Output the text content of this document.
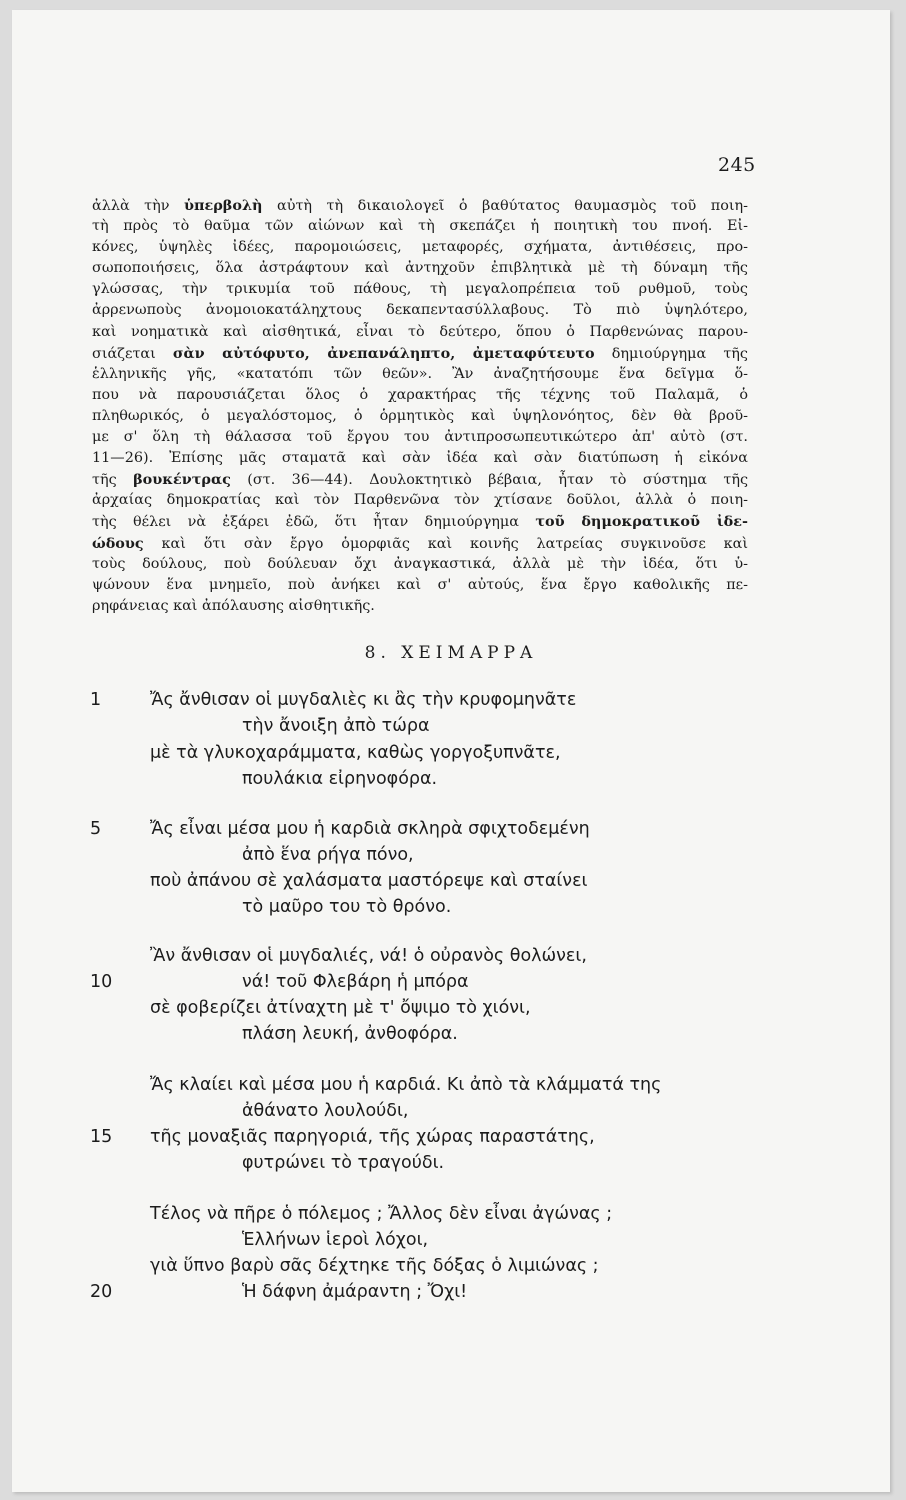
245
ἀλλὰ τὴν ὑπερβολὴ αὐτὴ τὴ δικαιολογεῖ ὁ βαθύτατος θαυμασμὸς τοῦ ποιη-
τὴ πρὸς τὸ θαῦμα τῶν αἰώνων καὶ τὴ σκεπάζει ἡ ποιητικὴ του πνοή. Εἰ-
κόνες, ὑψηλὲς ἰδέες, παρομοιώσεις, μεταφορές, σχήματα, ἀντιθέσεις, προ-
σωποποιήσεις, ὅλα ἀστράφτουν καὶ ἀντηχοῦν ἐπιβλητικὰ μὲ τὴ δύναμη τῆς
γλώσσας, τὴν τρικυμία τοῦ πάθους, τὴ μεγαλοπρέπεια τοῦ ρυθμοῦ, τοὺς
ἀρρενωποὺς ἀνομοιοκατάληχτους δεκαπεντασύλλαβους. Τὸ πιὸ ὑψηλότερο,
καὶ νοηματικὰ καὶ αἰσθητικά, εἶναι τὸ δεύτερο, ὅπου ὁ Παρθενώνας παρου-
σιάζεται σὰν αὐτόφυτο, ἀνεπανάληπτο, ἀμεταφύτευτο δημιούργημα τῆς
ἑλληνικῆς γῆς, «κατατόπι τῶν θεῶν». Ἂν ἀναζητήσουμε ἕνα δεῖγμα ὅ-
που νὰ παρουσιάζεται ὅλος ὁ χαρακτήρας τῆς τέχνης τοῦ Παλαμᾶ, ὁ
πληθωρικός, ὁ μεγαλόστομος, ὁ ὁρμητικὸς καὶ ὑψηλονόητος, δὲν θὰ βροῦ-
με σ' ὅλη τὴ θάλασσα τοῦ ἔργου του ἀντιπροσωπευτικώτερο ἀπ' αὐτὸ (στ.
11—26). Ἐπίσης μᾶς σταματᾶ καὶ σὰν ἰδέα καὶ σὰν διατύπωση ἡ εἰκόνα
τῆς βουκέντρας (στ. 36—44). Δουλοκτητικὸ βέβαια, ἦταν τὸ σύστημα τῆς
ἀρχαίας δημοκρατίας καὶ τὸν Παρθενῶνα τὸν χτίσανε δοῦλοι, ἀλλὰ ὁ ποιη-
τὴς θέλει νὰ ἐξάρει ἐδῶ, ὅτι ἦταν δημιούργημα τοῦ δημοκρατικοῦ ἰδε-
ώδους καὶ ὅτι σὰν ἔργο ὁμορφιᾶς καὶ κοινῆς λατρείας συγκινοῦσε καὶ
τοὺς δούλους, ποὺ δούλευαν ὄχι ἀναγκαστικά, ἀλλὰ μὲ τὴν ἰδέα, ὅτι ὑ-
ψώνουν ἕνα μνημεῖο, ποὺ ἀνήκει καὶ σ' αὐτούς, ἕνα ἔργο καθολικῆς πε-
ρηφάνειας καὶ ἀπόλαυσης αἰσθητικῆς.
8. ΧΕΙΜΑΡΡΑ
1	Ἄς ἄνθισαν οἱ μυγδαλιὲς κι ἂς τὴν κρυφομηνᾶτε
τὴν ἄνοιξη ἀπὸ τώρα
μὲ τὰ γλυκοχαράμματα, καθὼς γοργοξυπνᾶτε,
πουλάκια εἰρηνοφόρα.
5	Ἄς εἶναι μέσα μου ἡ καρδιὰ σκληρὰ σφιχτοδεμένη
ἀπὸ ἕνα ρήγα πόνο,
ποὺ ἀπάνου σὲ χαλάσματα μαστόρεψε καὶ σταίνει
τὸ μαῦρο του τὸ θρόνο.
Ἂν ἄνθισαν οἱ μυγδαλιές, νά! ὁ οὐρανὸς θολώνει,
10	νά! τοῦ Φλεβάρη ἡ μπόρα
σὲ φοβερίζει ἀτίναχτη μὲ τ' ὄψιμο τὸ χιόνι,
πλάση λευκή, ἀνθοφόρα.
Ἄς κλαίει καὶ μέσα μου ἡ καρδιά. Κι ἀπὸ τὰ κλάμματά της
ἀθάνατο λουλούδι,
15	τῆς μοναξιᾶς παρηγοριά, τῆς χώρας παραστάτης,
φυτρώνει τὸ τραγούδι.
Τέλος νὰ πῆρε ὁ πόλεμος ; Ἄλλος δὲν εἶναι ἀγώνας ;
Ἑλλήνων ἱεροὶ λόχοι,
γιὰ ὕπνο βαρὺ σᾶς δέχτηκε τῆς δόξας ὁ λιμιώνας ;
20	Ἡ δάφνη ἀμάραντη ; Ὄχι!
